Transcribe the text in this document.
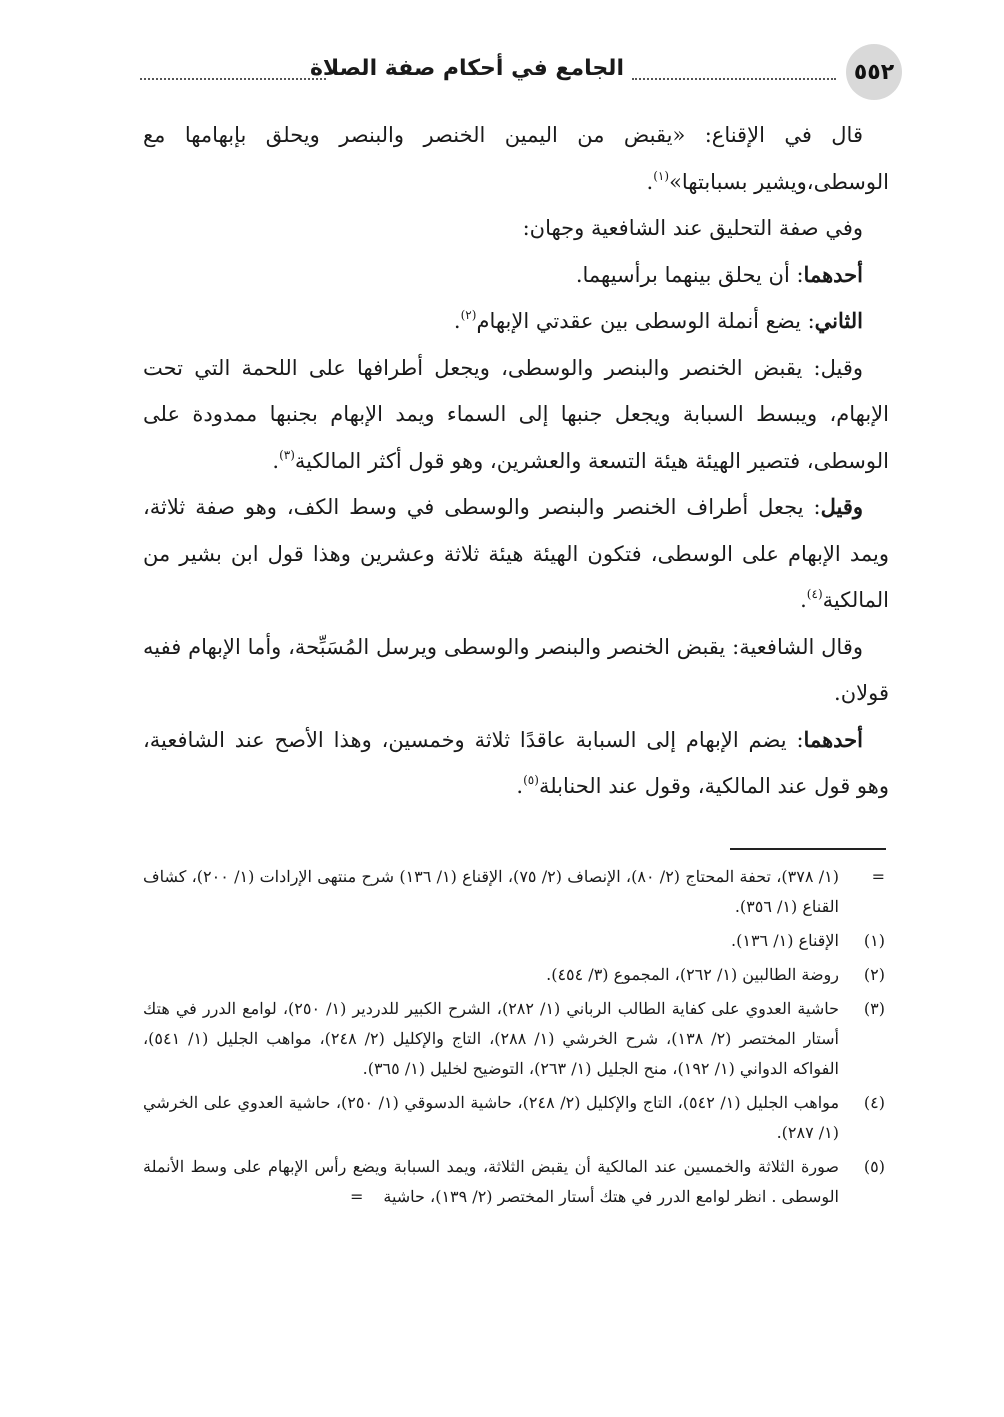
٥٥٢
الجامع في أحكام صفة الصلاة

قال في الإقناع: «يقبض من اليمين الخنصر والبنصر ويحلق بإبهامها مع الوسطى،ويشير بسبابتها»$^{(١)}$.

وفي صفة التحليق عند الشافعية وجهان:

أحدهما: أن يحلق بينهما برأسيهما.

الثاني: يضع أنملة الوسطى بين عقدتي الإبهام$^{(٢)}$.

وقيل: يقبض الخنصر والبنصر والوسطى، ويجعل أطرافها على اللحمة التي تحت الإبهام، ويبسط السبابة ويجعل جنبها إلى السماء ويمد الإبهام بجنبها ممدودة على الوسطى، فتصير الهيئة هيئة التسعة والعشرين، وهو قول أكثر المالكية$^{(٣)}$.

وقيل: يجعل أطراف الخنصر والبنصر والوسطى في وسط الكف، وهو صفة ثلاثة، ويمد الإبهام على الوسطى، فتكون الهيئة هيئة ثلاثة وعشرين وهذا قول ابن بشير من المالكية$^{(٤)}$.

وقال الشافعية: يقبض الخنصر والبنصر والوسطى ويرسل المُسَبِّحة، وأما الإبهام ففيه قولان.

أحدهما: يضم الإبهام إلى السبابة عاقدًا ثلاثة وخمسين، وهذا الأصح عند الشافعية، وهو قول عند المالكية، وقول عند الحنابلة$^{(٥)}$.

=
(١/ ٣٧٨)، تحفة المحتاج (٢/ ٨٠)، الإنصاف (٢/ ٧٥)، الإقناع (١/ ١٣٦) شرح منتهى الإرادات (١/ ٢٠٠)، كشاف القناع (١/ ٣٥٦).
(١)
الإقناع (١/ ١٣٦).
(٢)
روضة الطالبين (١/ ٢٦٢)، المجموع (٣/ ٤٥٤).
(٣)
حاشية العدوي على كفاية الطالب الرباني (١/ ٢٨٢)، الشرح الكبير للدردير (١/ ٢٥٠)، لوامع الدرر في هتك أستار المختصر (٢/ ١٣٨)، شرح الخرشي (١/ ٢٨٨)، التاج والإكليل (٢/ ٢٤٨)، مواهب الجليل (١/ ٥٤١)، الفواكه الدواني (١/ ١٩٢)، منح الجليل (١/ ٢٦٣)، التوضيح لخليل (١/ ٣٦٥).
(٤)
مواهب الجليل (١/ ٥٤٢)، التاج والإكليل (٢/ ٢٤٨)، حاشية الدسوقي (١/ ٢٥٠)، حاشية العدوي على الخرشي (١/ ٢٨٧).
(٥)
صورة الثلاثة والخمسين عند المالكية أن يقبض الثلاثة، ويمد السبابة ويضع رأس الإبهام على وسط الأنملة الوسطى . انظر لوامع الدرر في هتك أستار المختصر (٢/ ١٣٩)، حاشية=
